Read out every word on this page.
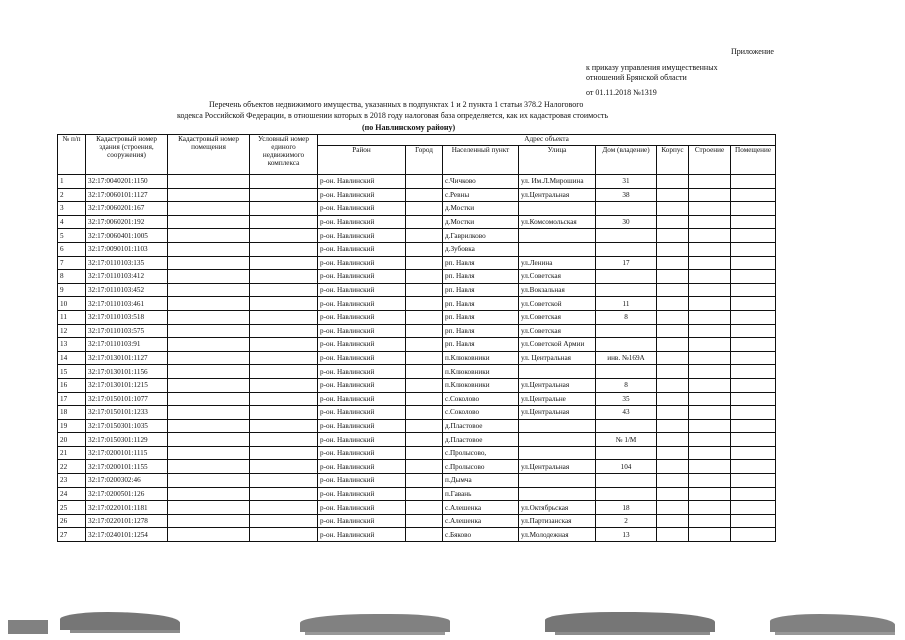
Приложение
к приказу управления имущественных
отношений Брянской области
от 01.11.2018 №1319
Перечень объектов недвижимого имущества, указанных в подпунктах 1 и 2 пункта 1 статьи 378.2 Налогового
кодекса Российской Федерации, в отношении которых в 2018 году налоговая база определяется, как их кадастровая стоимость
(по Навлинскому району)
№ п/п	Кадастровый номер здания (строения, сооружения)	Кадастровый номер помещения	Условный номер единого недвижимого комплекса	Адрес объекта							
				Район	Город	Населенный пункт	Улица	Дом (владение)	Корпус	Строение	Помещение
1	32:17:0040201:1150			р-он. Навлинский		с.Чичково	ул. Им.Л.Мирошина	31			
2	32:17:0060101:1127			р-он. Навлинский		с.Ревны	ул.Центральная	38			
3	32:17:0060201:167			р-он. Навлинский		д.Мостки					
4	32:17:0060201:192			р-он. Навлинский		д.Мостки	ул.Комсомольская	30			
5	32:17:0060401:1005			р-он. Навлинский		д.Гаврилково					
6	32:17:0090101:1103			р-он. Навлинский		д.Зубовка					
7	32:17:0110103:135			р-он. Навлинский		рп. Навля	ул.Ленина	17			
8	32:17:0110103:412			р-он. Навлинский		рп. Навля	ул.Советская				
9	32:17:0110103:452			р-он. Навлинский		рп. Навля	ул.Вокзальная				
10	32:17:0110103:461			р-он. Навлинский		рп. Навля	ул.Советской	11			
11	32:17:0110103:518			р-он. Навлинский		рп. Навля	ул.Советская	8			
12	32:17:0110103:575			р-он. Навлинский		рп. Навля	ул.Советская				
13	32:17:0110103:91			р-он. Навлинский		рп. Навля	ул.Советской Армии				
14	32:17:0130101:1127			р-он. Навлинский		п.Клюковники	ул. Центральная	инв. №169А			
15	32:17:0130101:1156			р-он. Навлинский		п.Клюковники					
16	32:17:0130101:1215			р-он. Навлинский		п.Клюковники	ул.Центральная	8			
17	32:17:0150101:1077			р-он. Навлинский		с.Соколово	ул.Центральне	35			
18	32:17:0150101:1233			р-он. Навлинский		с.Соколово	ул.Центральная	43			
19	32:17:0150301:1035			р-он. Навлинский		д.Пластовое					
20	32:17:0150301:1129			р-он. Навлинский		д.Пластовое		№ 1/М			
21	32:17:0200101:1115			р-он. Навлинский		с.Пролысово,					
22	32:17:0200101:1155			р-он. Навлинский		с.Пролысово	ул.Центральная	104			
23	32:17:0200302:46			р-он. Навлинский		п.Дымча					
24	32:17:0200501:126			р-он. Навлинский		п.Гавань					
25	32:17:0220101:1181			р-он. Навлинский		с.Алешенка	ул.Октябрьская	18			
26	32:17:0220101:1278			р-он. Навлинский		с.Алешенка	ул.Партизанская	2			
27	32:17:0240101:1254			р-он. Навлинский		с.Бяково	ул.Молодежная	13			
